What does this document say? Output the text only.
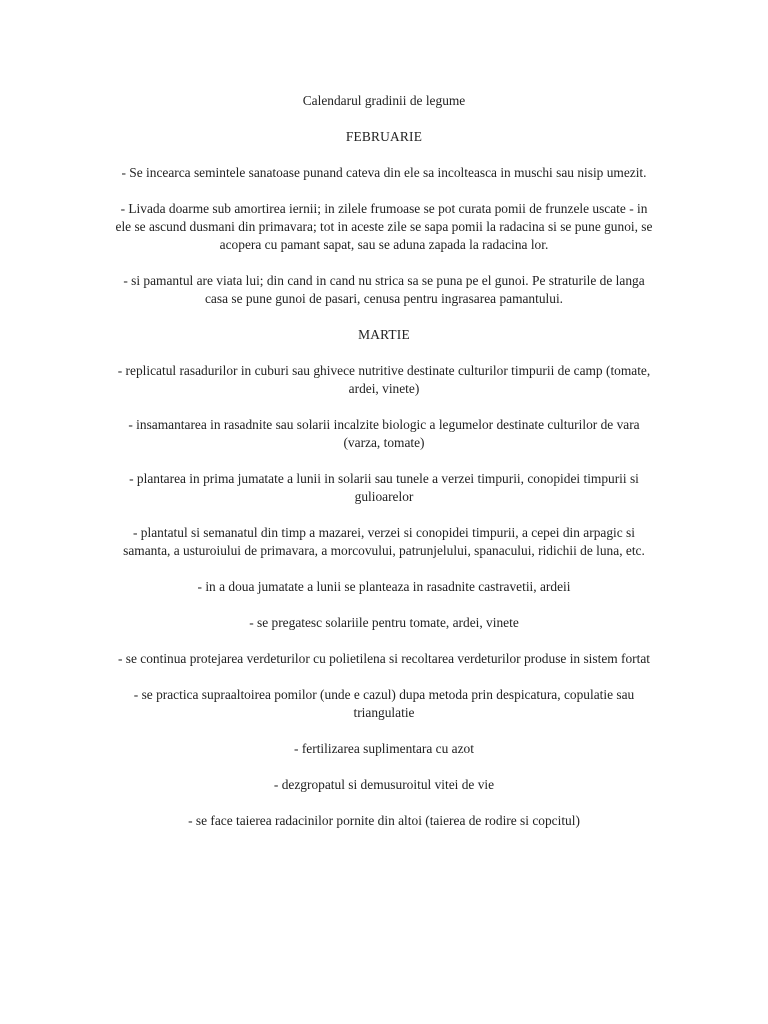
Calendarul gradinii de legume
FEBRUARIE

- Se incearca semintele sanatoase punand cateva din ele sa incolteasca in muschi sau nisip umezit.

- Livada doarme sub amortirea iernii; in zilele frumoase se pot curata pomii de frunzele uscate - in ele se ascund dusmani din primavara; tot in aceste zile se sapa pomii la radacina si se pune gunoi, se acopera cu pamant sapat, sau se aduna zapada la radacina lor.

- si pamantul are viata lui; din cand in cand nu strica sa se puna pe el gunoi. Pe straturile de langa casa se pune gunoi de pasari, cenusa pentru ingrasarea pamantului.

MARTIE

- replicatul rasadurilor in cuburi sau ghivece nutritive destinate culturilor timpurii de camp (tomate, ardei, vinete)

- insamantarea in rasadnite sau solarii incalzite biologic a legumelor destinate culturilor de vara (varza, tomate)

- plantarea in prima jumatate a lunii in solarii sau tunele a verzei timpurii, conopidei timpurii si gulioarelor

- plantatul si semanatul din timp a mazarei, verzei si conopidei timpurii, a cepei din arpagic si samanta, a usturoiului de primavara, a morcovului, patrunjelului, spanacului, ridichii de luna, etc.

- in a doua jumatate a lunii se planteaza in rasadnite castravetii, ardeii

- se pregatesc solariile pentru tomate, ardei, vinete

- se continua protejarea verdeturilor cu polietilena si recoltarea verdeturilor produse in sistem fortat

- se practica supraaltoirea pomilor (unde e cazul) dupa metoda prin despicatura, copulatie sau triangulatie

- fertilizarea suplimentara cu azot

- dezgropatul si demusuroitul vitei de vie

- se face taierea radacinilor pornite din altoi (taierea de rodire si copcitul)
